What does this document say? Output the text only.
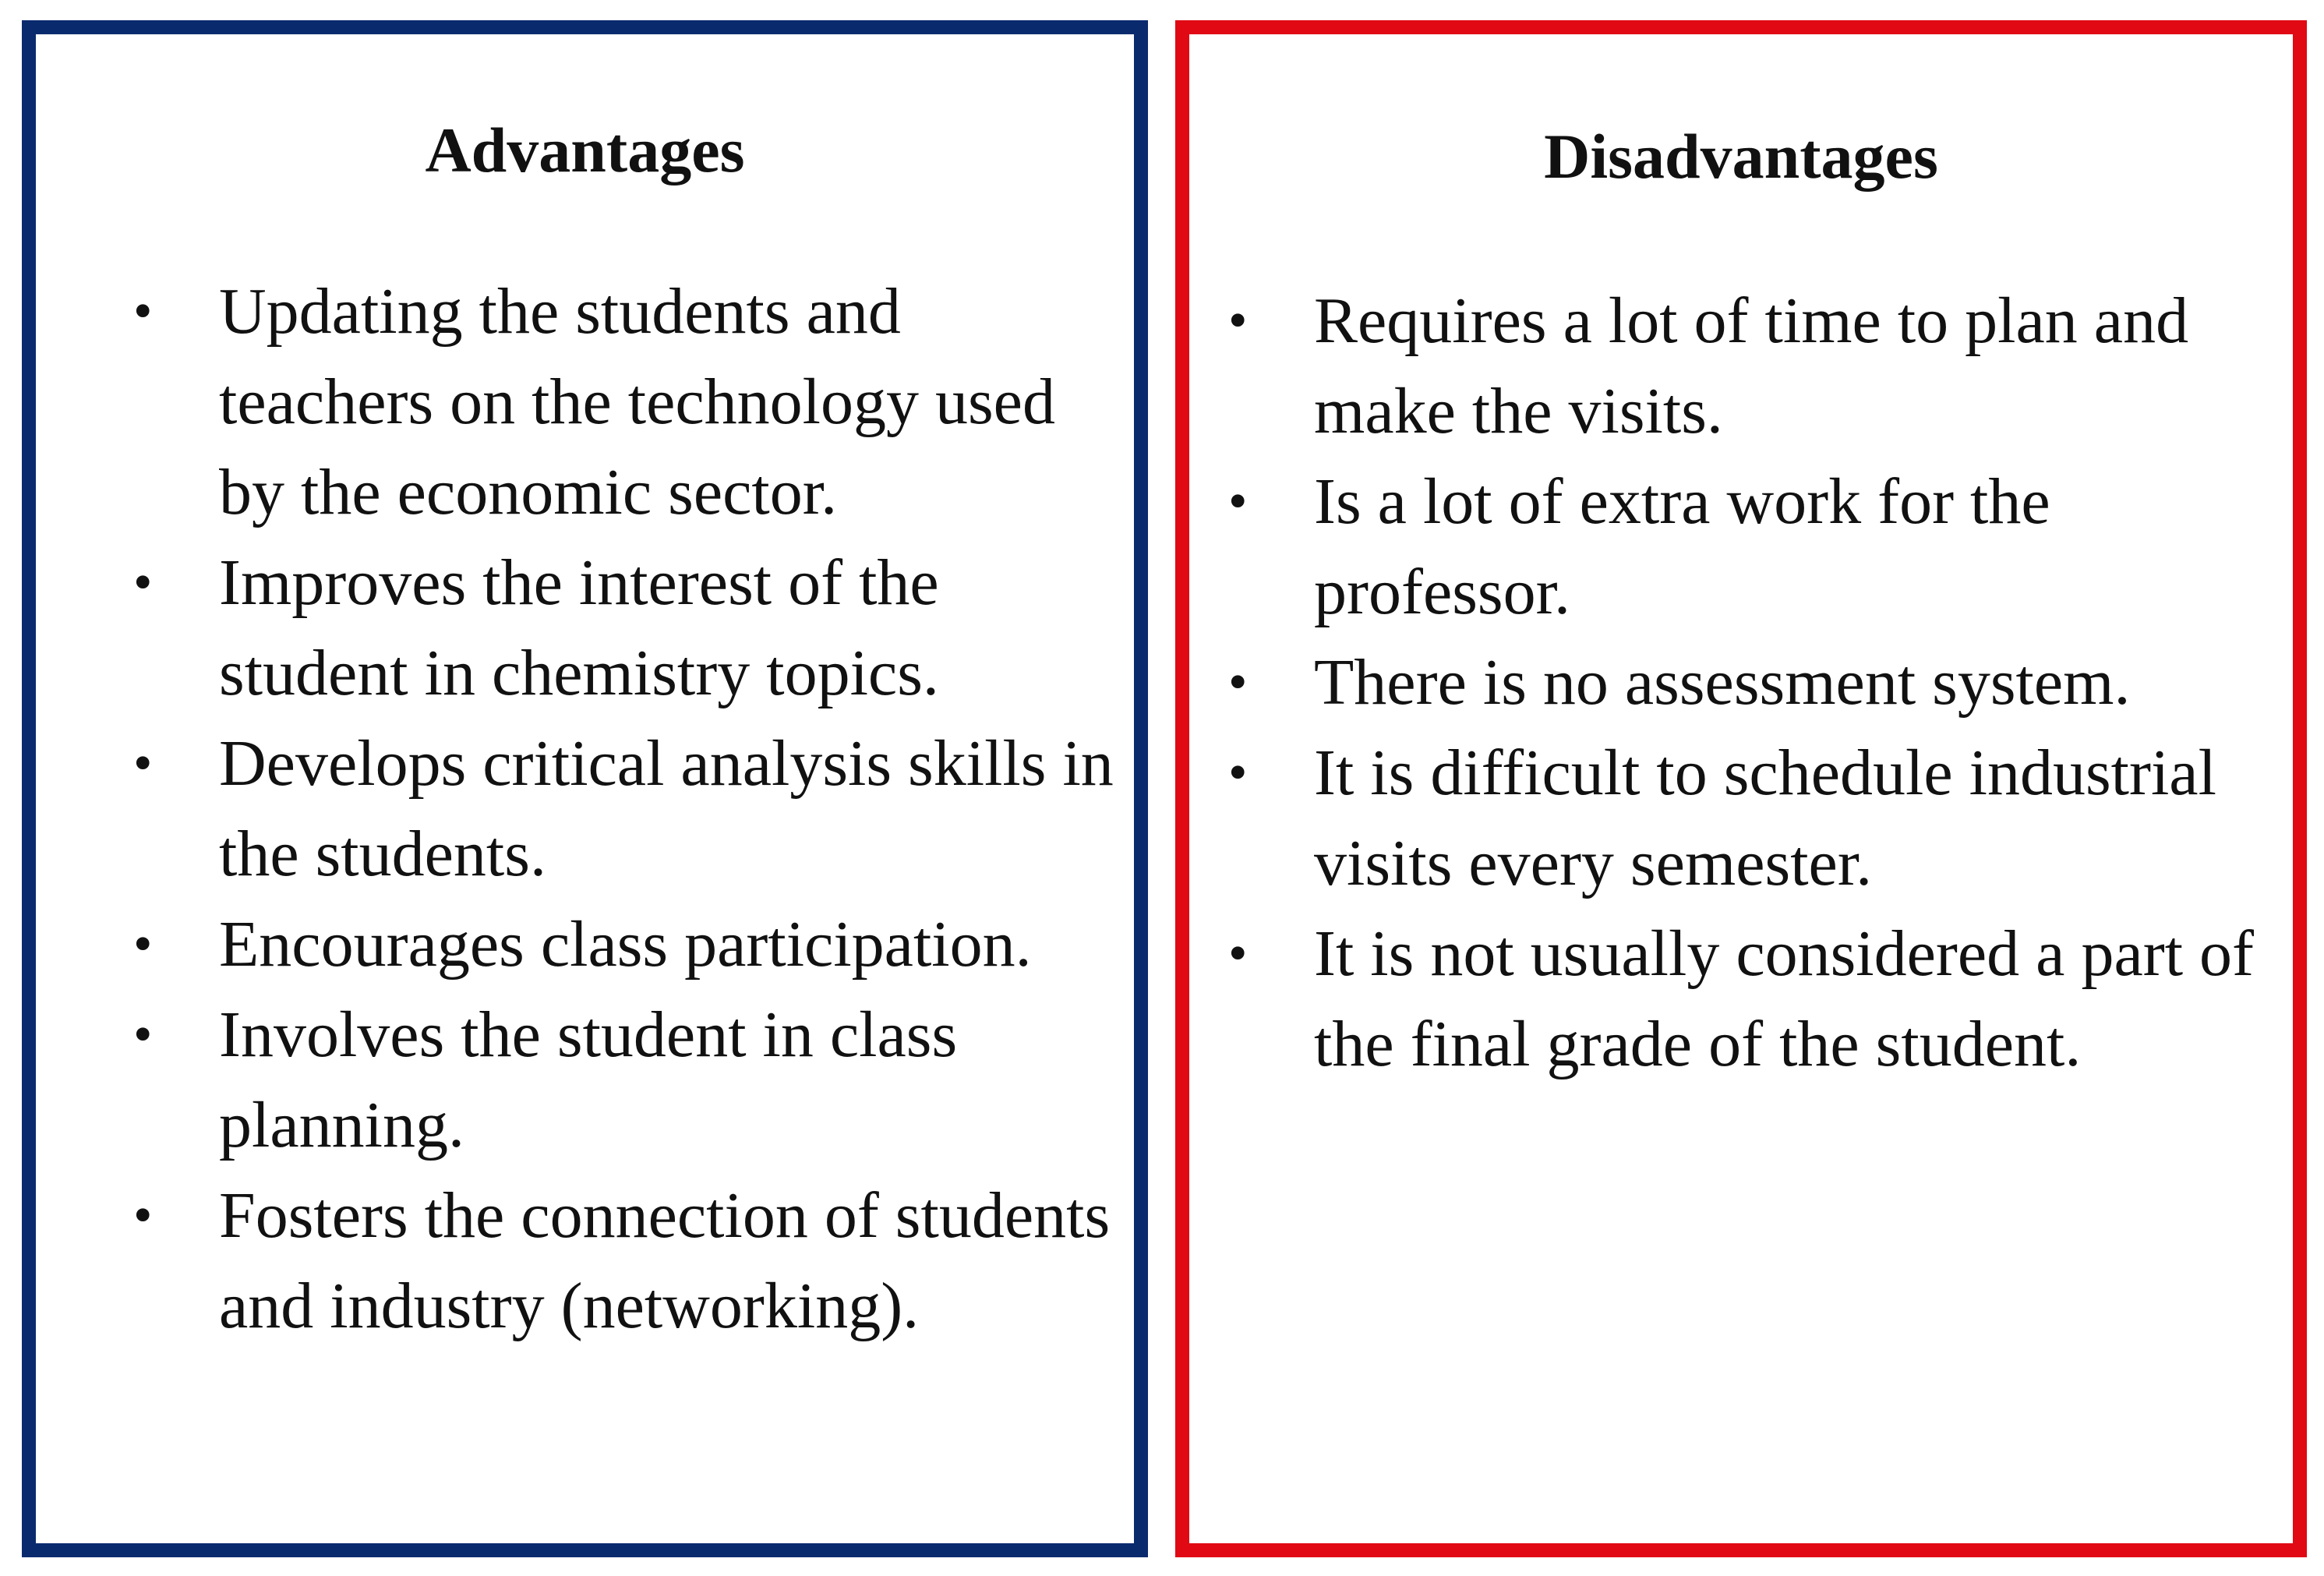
Advantages
• Updating the students and teachers on the technology used by the economic sector.
• Improves the interest of the student in chemistry topics.
• Develops critical analysis skills in the students.
• Encourages class participation.
• Involves the student in class planning.
• Fosters the connection of students and industry (networking).
Disadvantages
• Requires a lot of time to plan and make the visits.
• Is a lot of extra work for the professor.
• There is no assessment system.
• It is difficult to schedule industrial visits every semester.
• It is not usually considered a part of the final grade of the student.
